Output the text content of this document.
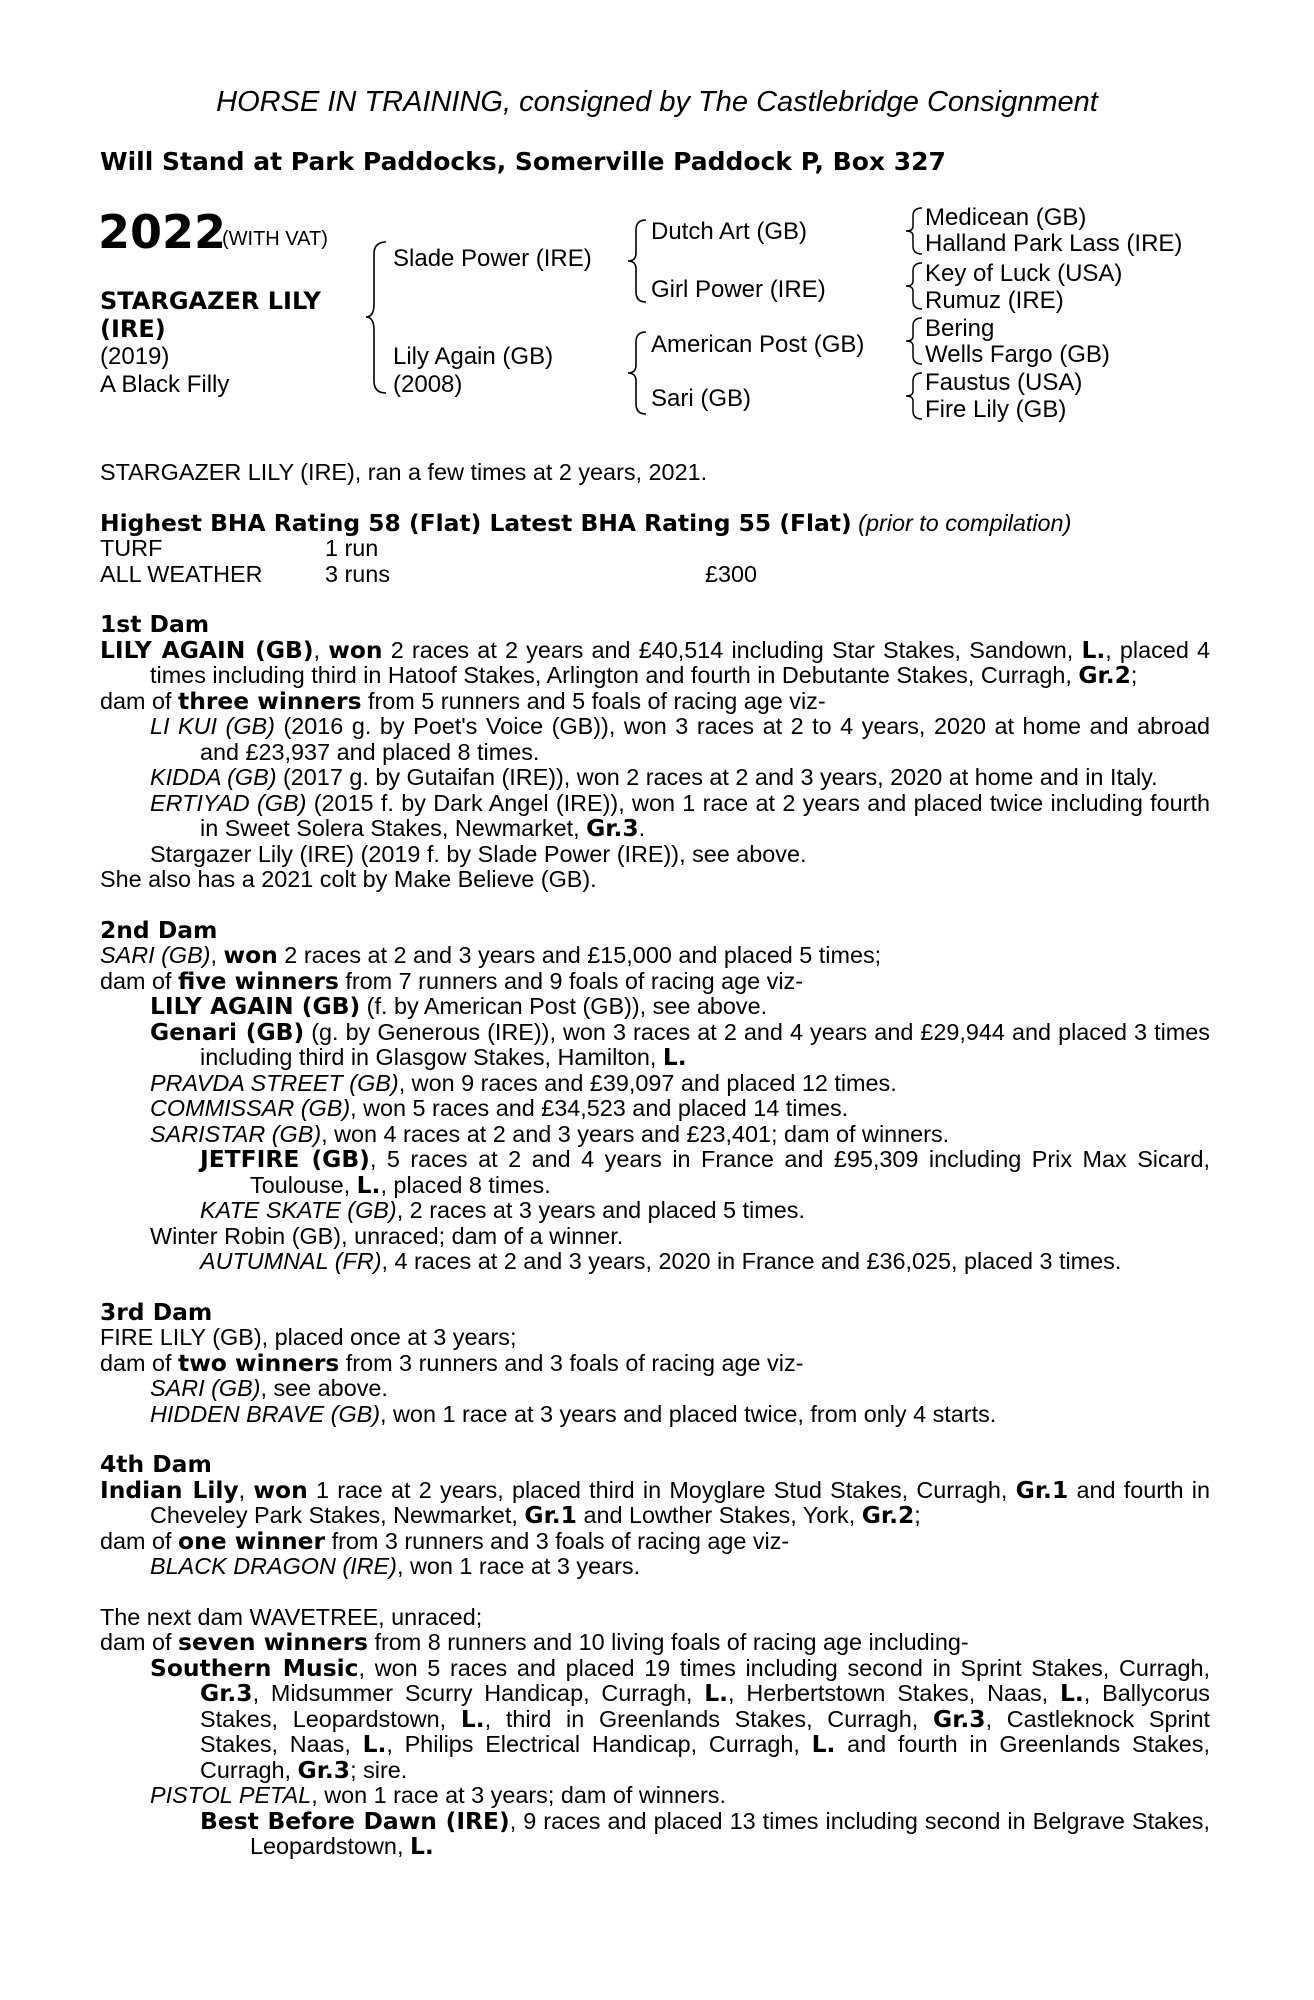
HORSE IN TRAINING, consigned by The Castlebridge Consignment
Will Stand at Park Paddocks, Somerville Paddock P, Box 327
2022
(WITH VAT)
STARGAZER LILY
(IRE)
(2019)
A Black Filly
Slade Power (IRE)
Lily Again (GB)
(2008)
Dutch Art (GB)
Girl Power (IRE)
American Post (GB)
Sari (GB)
Medicean (GB)
Halland Park Lass (IRE)
Key of Luck (USA)
Rumuz (IRE)
Bering
Wells Fargo (GB)
Faustus (USA)
Fire Lily (GB)

STARGAZER LILY (IRE), ran a few times at 2 years, 2021.

Highest BHA Rating 58 (Flat) Latest BHA Rating 55 (Flat) (prior to compilation)

TURF	1 run
ALL WEATHER	3 runs	£300

1st Dam

LILY AGAIN (GB), won 2 races at 2 years and £40,514 including Star Stakes, Sandown, L., placed 4 times including third in Hatoof Stakes, Arlington and fourth in Debutante Stakes, Curragh, Gr.2;

dam of three winners from 5 runners and 5 foals of racing age viz-

LI KUI (GB) (2016 g. by Poet's Voice (GB)), won 3 races at 2 to 4 years, 2020 at home and abroad and £23,937 and placed 8 times.

KIDDA (GB) (2017 g. by Gutaifan (IRE)), won 2 races at 2 and 3 years, 2020 at home and in Italy.

ERTIYAD (GB) (2015 f. by Dark Angel (IRE)), won 1 race at 2 years and placed twice including fourth in Sweet Solera Stakes, Newmarket, Gr.3.

Stargazer Lily (IRE) (2019 f. by Slade Power (IRE)), see above.

She also has a 2021 colt by Make Believe (GB).

2nd Dam

SARI (GB), won 2 races at 2 and 3 years and £15,000 and placed 5 times;

dam of five winners from 7 runners and 9 foals of racing age viz-

LILY AGAIN (GB) (f. by American Post (GB)), see above.

Genari (GB) (g. by Generous (IRE)), won 3 races at 2 and 4 years and £29,944 and placed 3 times including third in Glasgow Stakes, Hamilton, L.

PRAVDA STREET (GB), won 9 races and £39,097 and placed 12 times.

COMMISSAR (GB), won 5 races and £34,523 and placed 14 times.

SARISTAR (GB), won 4 races at 2 and 3 years and £23,401; dam of winners.

JETFIRE (GB), 5 races at 2 and 4 years in France and £95,309 including Prix Max Sicard, Toulouse, L., placed 8 times.

KATE SKATE (GB), 2 races at 3 years and placed 5 times.

Winter Robin (GB), unraced; dam of a winner.

AUTUMNAL (FR), 4 races at 2 and 3 years, 2020 in France and £36,025, placed 3 times.

3rd Dam

FIRE LILY (GB), placed once at 3 years;

dam of two winners from 3 runners and 3 foals of racing age viz-

SARI (GB), see above.

HIDDEN BRAVE (GB), won 1 race at 3 years and placed twice, from only 4 starts.

4th Dam

Indian Lily, won 1 race at 2 years, placed third in Moyglare Stud Stakes, Curragh, Gr.1 and fourth in Cheveley Park Stakes, Newmarket, Gr.1 and Lowther Stakes, York, Gr.2;

dam of one winner from 3 runners and 3 foals of racing age viz-

BLACK DRAGON (IRE), won 1 race at 3 years.

The next dam WAVETREE, unraced;

dam of seven winners from 8 runners and 10 living foals of racing age including-

Southern Music, won 5 races and placed 19 times including second in Sprint Stakes, Curragh, Gr.3, Midsummer Scurry Handicap, Curragh, L., Herbertstown Stakes, Naas, L., Ballycorus Stakes, Leopardstown, L., third in Greenlands Stakes, Curragh, Gr.3, Castleknock Sprint Stakes, Naas, L., Philips Electrical Handicap, Curragh, L. and fourth in Greenlands Stakes, Curragh, Gr.3; sire.

PISTOL PETAL, won 1 race at 3 years; dam of winners.

Best Before Dawn (IRE), 9 races and placed 13 times including second in Belgrave Stakes, Leopardstown, L.
